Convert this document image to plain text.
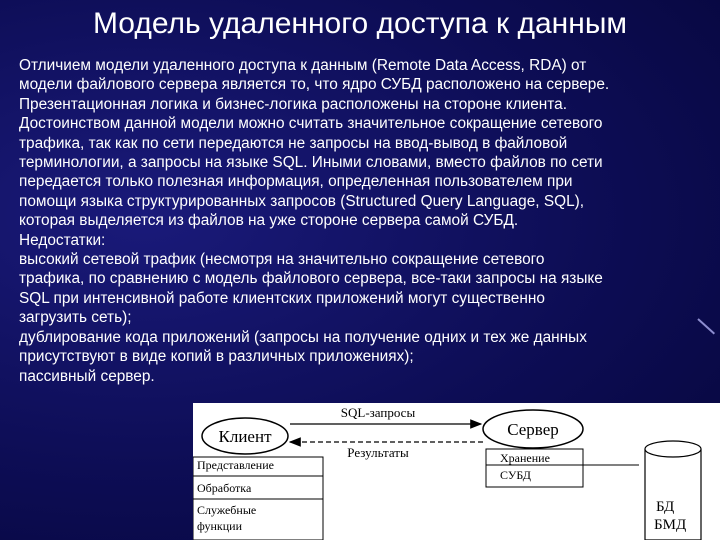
Модель удаленного доступа к данным

Отличием модели удаленного доступа к данным (Remote Data Access, RDA) от

модели файлового сервера является то, что ядро СУБД расположено на сервере.

Презентационная логика и бизнес-логика расположены на стороне клиента.

Достоинством данной модели можно считать значительное сокращение сетевого

трафика, так как по сети передаются не запросы на ввод-вывод в файловой

терминологии, а запросы на языке SQL. Иными словами, вместо файлов по сети

передается только полезная информация, определенная пользователем при

помощи языка структурированных запросов (Structured Query Language, SQL),

которая выделяется из файлов на уже стороне сервера самой СУБД.

Недостатки:

высокий сетевой трафик (несмотря на значительно сокращение сетевого

трафика, по сравнению с модель файлового сервера, все-таки запросы на языке

SQL при интенсивной работе клиентских приложений могут существенно

загрузить сеть);

дублирование кода приложений (запросы на получение одних и тех же данных

присутствуют в виде копий в различных приложениях);

пассивный сервер.

Клиент	Сервер
SQL-запросы
Результаты
Представление
Обработка
Служебные
функции
Хранение
СУБД
БД
БМД
